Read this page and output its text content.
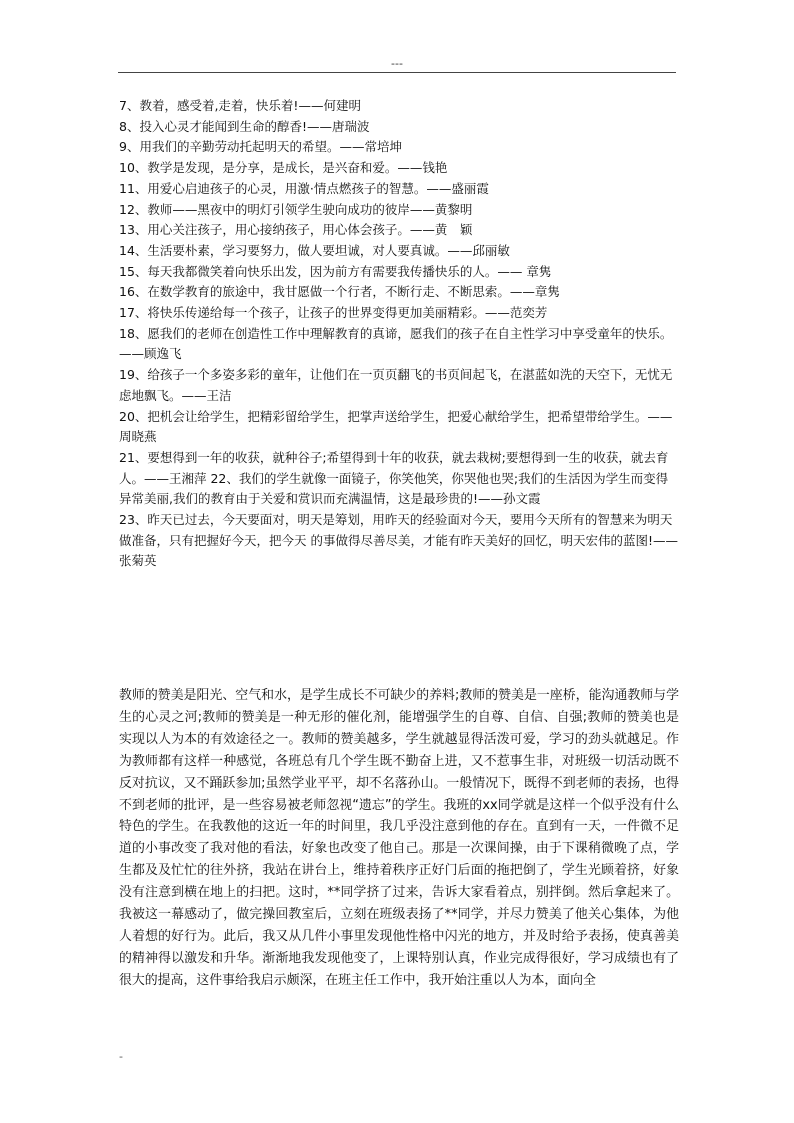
---
7、教着，感受着,走着，快乐着!——何建明
8、投入心灵才能闻到生命的醇香!——唐瑞波
9、用我们的辛勤劳动托起明天的希望。——常培坤
10、教学是发现，是分享，是成长，是兴奋和爱。——钱艳
11、用爱心启迪孩子的心灵，用激·情点燃孩子的智慧。——盛丽霞
12、教师——黑夜中的明灯引领学生驶向成功的彼岸——黄黎明
13、用心关注孩子，用心接纳孩子，用心体会孩子。——黄　颖
14、生活要朴素，学习要努力，做人要坦诚，对人要真诚。——邱丽敏
15、每天我都微笑着向快乐出发，因为前方有需要我传播快乐的人。—— 章隽
16、在数学教育的旅途中，我甘愿做一个行者，不断行走、不断思索。——章隽
17、将快乐传递给每一个孩子，让孩子的世界变得更加美丽精彩。——范奕芳
18、愿我们的老师在创造性工作中理解教育的真谛，愿我们的孩子在自主性学习中享受童年的快乐。——顾逸飞
19、给孩子一个多姿多彩的童年，让他们在一页页翻飞的书页间起飞，在湛蓝如洗的天空下，无忧无虑地飘飞。——王洁
20、把机会让给学生，把精彩留给学生，把掌声送给学生，把爱心献给学生，把希望带给学生。——周晓燕
21、要想得到一年的收获，就种谷子;希望得到十年的收获，就去栽树;要想得到一生的收获，就去育人。——王湘萍 22、我们的学生就像一面镜子，你笑他笑，你哭他也哭;我们的生活因为学生而变得异常美丽,我们的教育由于关爱和赏识而充满温情，这是最珍贵的!——孙文霞
23、昨天已过去，今天要面对，明天是筹划，用昨天的经验面对今天，要用今天所有的智慧来为明天做准备，只有把握好今天，把今天 的事做得尽善尽美，才能有昨天美好的回忆，明天宏伟的蓝图!——张菊英

教师的赞美是阳光、空气和水，是学生成长不可缺少的养料;教师的赞美是一座桥，能沟通教师与学生的心灵之河;教师的赞美是一种无形的催化剂，能增强学生的自尊、自信、自强;教师的赞美也是实现以人为本的有效途径之一。教师的赞美越多，学生就越显得活泼可爱，学习的劲头就越足。作为教师都有这样一种感觉，各班总有几个学生既不勤奋上进，又不惹事生非，对班级一切活动既不反对抗议，又不踊跃参加;虽然学业平平，却不名落孙山。一般情况下，既得不到老师的表扬，也得不到老师的批评，是一些容易被老师忽视“遗忘”的学生。我班的xx同学就是这样一个似乎没有什么特色的学生。在我教他的这近一年的时间里，我几乎没注意到他的存在。直到有一天，一件微不足道的小事改变了我对他的看法，好象也改变了他自己。那是一次课间操，由于下课稍微晚了点，学生都及及忙忙的往外挤，我站在讲台上，维持着秩序正好门后面的拖把倒了，学生光顾着挤，好象没有注意到横在地上的扫把。这时，**同学挤了过来，告诉大家看着点，别拌倒。然后拿起来了。我被这一幕感动了，做完操回教室后，立刻在班级表扬了**同学，并尽力赞美了他关心集体，为他人着想的好行为。此后，我又从几件小事里发现他性格中闪光的地方，并及时给予表扬，使真善美的精神得以激发和升华。渐渐地我发现他变了，上课特别认真，作业完成得很好，学习成绩也有了很大的提高，这件事给我启示颇深，在班主任工作中，我开始注重以人为本，面向全

-
